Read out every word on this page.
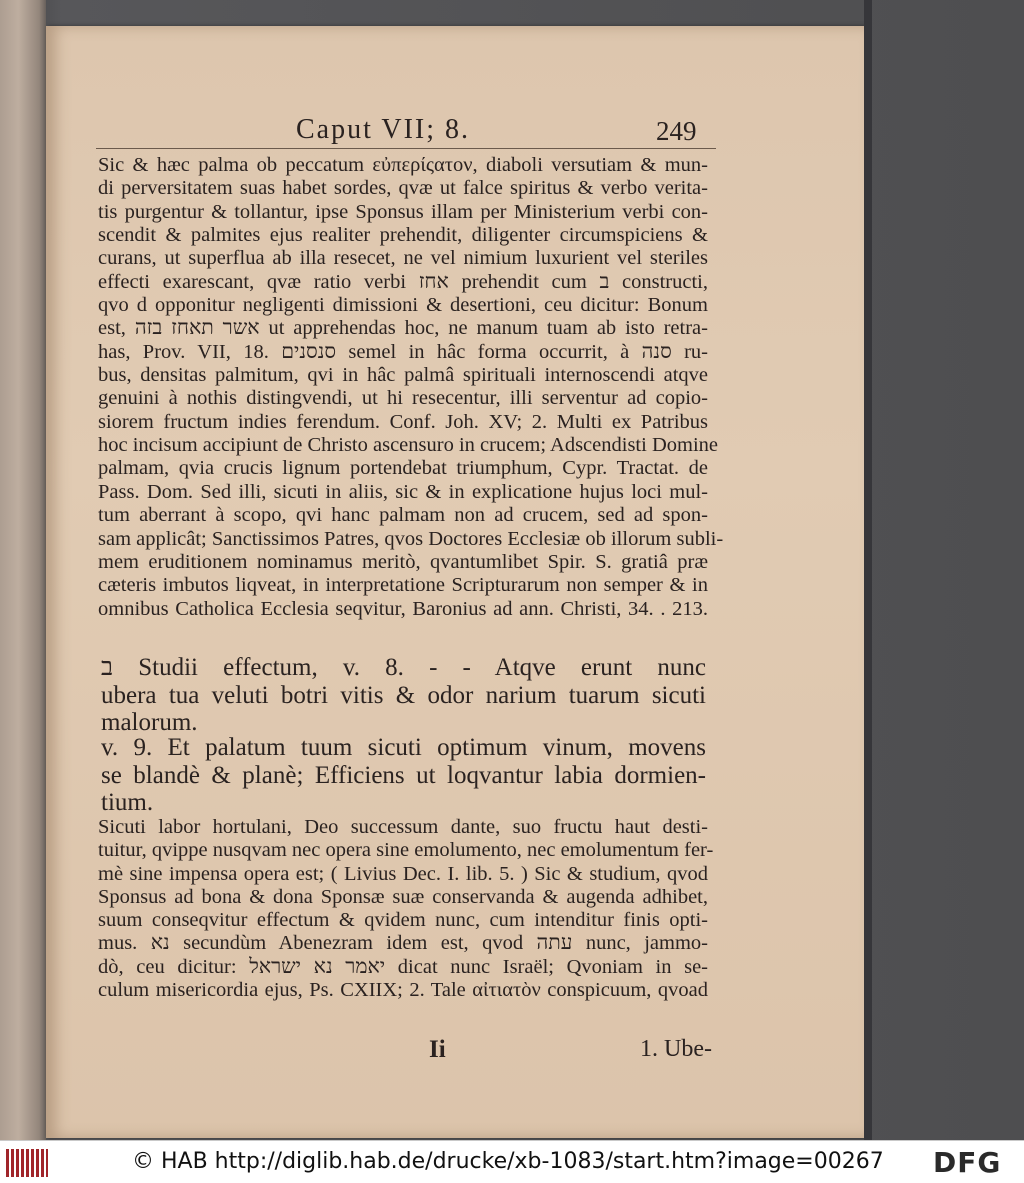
Caput VII; 8.	249
Sic & hæc palma ob peccatum εὐπερίςατον, diaboli versutiam & mun-
di perversitatem suas habet sordes, qvæ ut falce spiritus & verbo verita-
tis purgentur & tollantur, ipse Sponsus illam per Ministerium verbi con-
scendit & palmites ejus realiter prehendit, diligenter circumspiciens &
curans, ut superflua ab illa resecet, ne vel nimium luxurient vel steriles
effecti exarescant, qvæ ratio verbi אחז prehendit cum ב constructi,
qvo d opponitur negligenti dimissioni & desertioni, ceu dicitur: Bonum
est, אשר תאחז בזה ut apprehendas hoc, ne manum tuam ab isto retra-
has, Prov. VII, 18. סנסנים semel in hâc forma occurrit, à סנה ru-
bus, densitas palmitum, qvi in hâc palmâ spirituali internoscendi atqve
genuini à nothis distingvendi, ut hi resecentur, illi serventur ad copio-
siorem fructum indies ferendum. Conf. Joh. XV; 2. Multi ex Patribus
hoc incisum accipiunt de Christo ascensuro in crucem; Adscendisti Domine
palmam, qvia crucis lignum portendebat triumphum, Cypr. Tractat. de
Pass. Dom. Sed illi, sicuti in aliis, sic & in explicatione hujus loci mul-
tum aberrant à scopo, qvi hanc palmam non ad crucem, sed ad spon-
sam applicât; Sanctissimos Patres, qvos Doctores Ecclesiæ ob illorum subli-
mem eruditionem nominamus meritò, qvantumlibet Spir. S. gratiâ præ
cæteris imbutos liqveat, in interpretatione Scripturarum non semper & in
omnibus Catholica Ecclesia seqvitur, Baronius ad ann. Christi, 34. . 213.
ב Studii effectum, v. 8. - - Atqve erunt nunc
ubera tua veluti botri vitis & odor narium tuarum sicuti
malorum.
v. 9. Et palatum tuum sicuti optimum vinum, movens
se blandè & planè; Efficiens ut loqvantur labia dormien-
tium.
Sicuti labor hortulani, Deo successum dante, suo fructu haut desti-
tuitur, qvippe nusqvam nec opera sine emolumento, nec emolumentum fer-
mè sine impensa opera est; ( Livius Dec. I. lib. 5. ) Sic & studium, qvod
Sponsus ad bona & dona Sponsæ suæ conservanda & augenda adhibet,
suum conseqvitur effectum & qvidem nunc, cum intenditur finis opti-
mus. נא secundùm Abenezram idem est, qvod עתה nunc, jammo-
dò, ceu dicitur: יאמר נא ישראל dicat nunc Israël; Qvoniam in se-
culum misericordia ejus, Ps. CXIIX; 2. Tale αἰτιατὸν conspicuum, qvoad
Ii	1. Ube-
© HAB http://diglib.hab.de/drucke/xb-1083/start.htm?image=00267 DFG
